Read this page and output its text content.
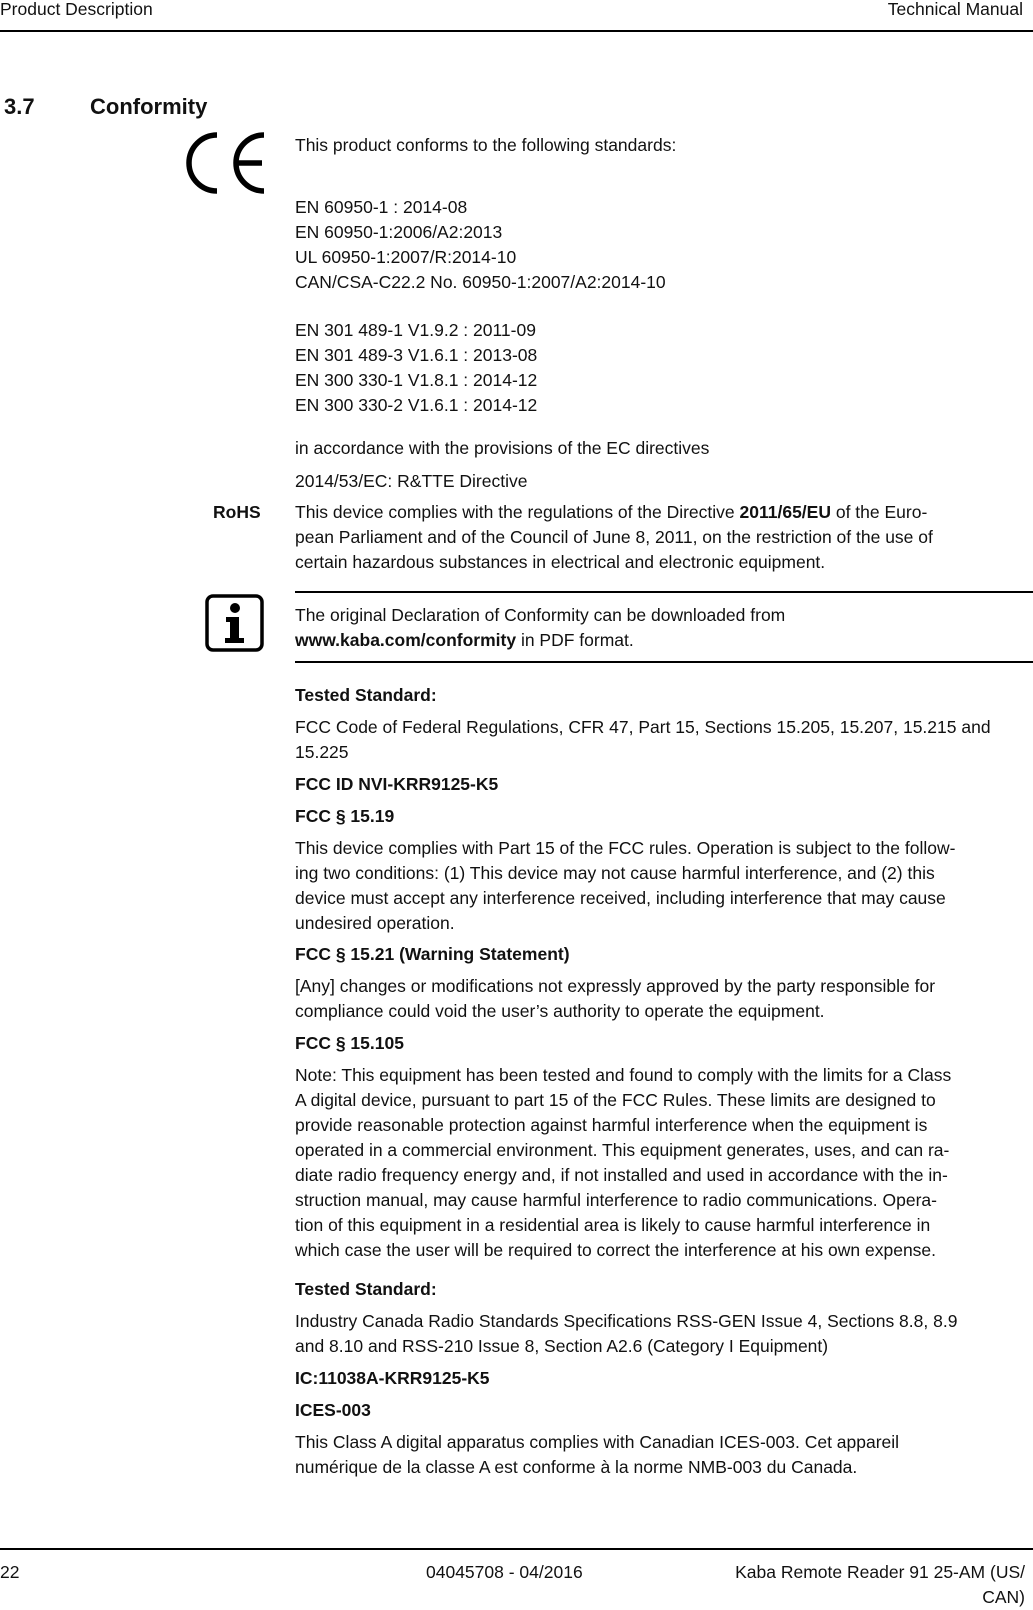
Product Description	Technical Manual
3.7	Conformity
This product conforms to the following standards:
EN 60950-1 : 2014-08
EN 60950-1:2006/A2:2013
UL 60950-1:2007/R:2014-10
CAN/CSA-C22.2 No. 60950-1:2007/A2:2014-10
EN 301 489-1 V1.9.2 : 2011-09
EN 301 489-3 V1.6.1 : 2013-08
EN 300 330-1 V1.8.1 : 2014-12
EN 300 330-2 V1.6.1 : 2014-12
in accordance with the provisions of the EC directives
2014/53/EC: R&TTE Directive
RoHS This device complies with the regulations of the Directive 2011/65/EU of the Euro-
pean Parliament and of the Council of June 8, 2011, on the restriction of the use of
certain hazardous substances in electrical and electronic equipment.
The original Declaration of Conformity can be downloaded from
www.kaba.com/conformity in PDF format.
Tested Standard:
FCC Code of Federal Regulations, CFR 47, Part 15, Sections 15.205, 15.207, 15.215 and
15.225
FCC ID NVI-KRR9125-K5
FCC § 15.19
This device complies with Part 15 of the FCC rules. Operation is subject to the follow-
ing two conditions: (1) This device may not cause harmful interference, and (2) this
device must accept any interference received, including interference that may cause
undesired operation.
FCC § 15.21 (Warning Statement)
[Any] changes or modifications not expressly approved by the party responsible for
compliance could void the user’s authority to operate the equipment.
FCC § 15.105
Note: This equipment has been tested and found to comply with the limits for a Class
A digital device, pursuant to part 15 of the FCC Rules. These limits are designed to
provide reasonable protection against harmful interference when the equipment is
operated in a commercial environment. This equipment generates, uses, and can ra-
diate radio frequency energy and, if not installed and used in accordance with the in-
struction manual, may cause harmful interference to radio communications. Opera-
tion of this equipment in a residential area is likely to cause harmful interference in
which case the user will be required to correct the interference at his own expense.
Tested Standard:
Industry Canada Radio Standards Specifications RSS-GEN Issue 4, Sections 8.8, 8.9
and 8.10 and RSS-210 Issue 8, Section A2.6 (Category I Equipment)
IC:11038A-KRR9125-K5
ICES-003
This Class A digital apparatus complies with Canadian ICES-003. Cet appareil
numérique de la classe A est conforme à la norme NMB-003 du Canada.
22	04045708 - 04/2016	Kaba Remote Reader 91 25-AM (US/
CAN)
